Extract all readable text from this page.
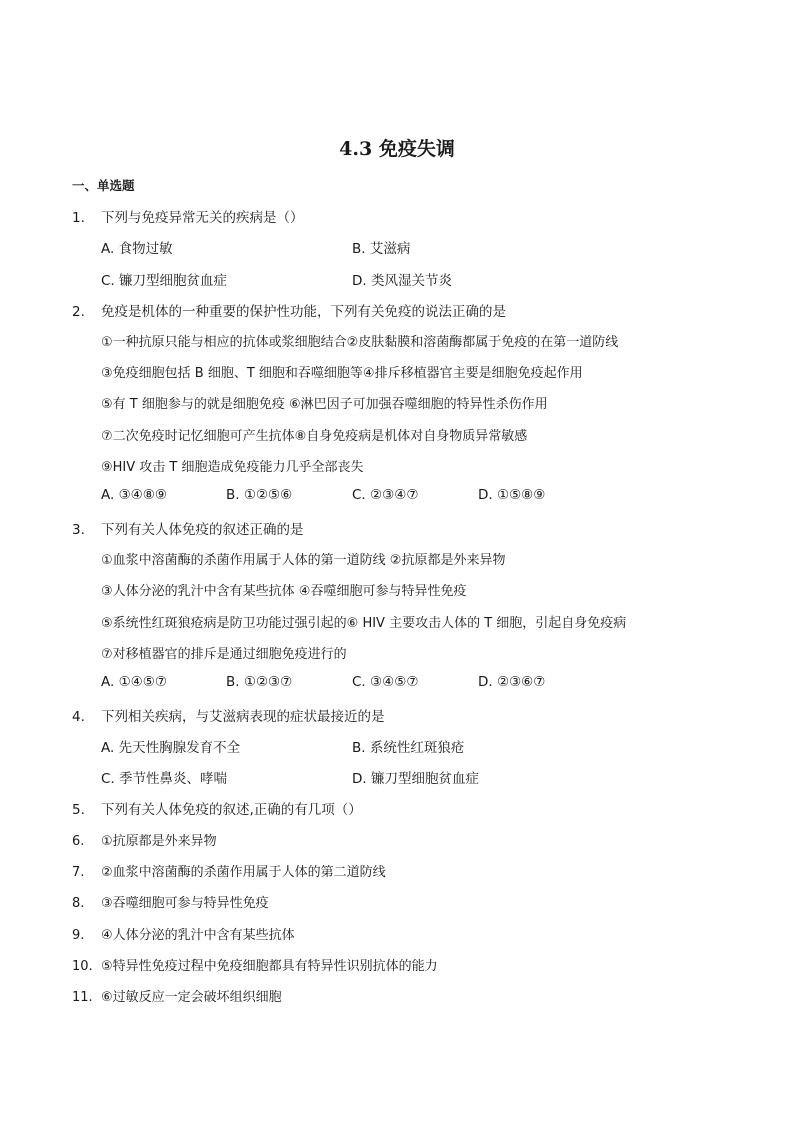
4.3 免疫失调
一、单选题
1. 下列与免疫异常无关的疾病是（）
A. 食物过敏	B. 艾滋病
C. 镰刀型细胞贫血症	D. 类风湿关节炎
2. 免疫是机体的一种重要的保护性功能，下列有关免疫的说法正确的是
①一种抗原只能与相应的抗体或浆细胞结合②皮肤黏膜和溶菌酶都属于免疫的在第一道防线
③免疫细胞包括 B 细胞、T 细胞和吞噬细胞等④排斥移植器官主要是细胞免疫起作用
⑤有 T 细胞参与的就是细胞免疫 ⑥淋巴因子可加强吞噬细胞的特异性杀伤作用
⑦二次免疫时记忆细胞可产生抗体⑧自身免疫病是机体对自身物质异常敏感
⑨HIV 攻击 T 细胞造成免疫能力几乎全部丧失
A. ③④⑧⑨	B. ①②⑤⑥	C. ②③④⑦	D. ①⑤⑧⑨
3. 下列有关人体免疫的叙述正确的是
①血浆中溶菌酶的杀菌作用属于人体的第一道防线 ②抗原都是外来异物
③人体分泌的乳汁中含有某些抗体 ④吞噬细胞可参与特异性免疫
⑤系统性红斑狼疮病是防卫功能过强引起的⑥ HIV 主要攻击人体的 T 细胞，引起自身免疫病
⑦对移植器官的排斥是通过细胞免疫进行的
A. ①④⑤⑦	B. ①②③⑦	C. ③④⑤⑦	D. ②③⑥⑦
4. 下列相关疾病，与艾滋病表现的症状最接近的是
A. 先天性胸腺发育不全	B. 系统性红斑狼疮
C. 季节性鼻炎、哮喘	D. 镰刀型细胞贫血症
5. 下列有关人体免疫的叙述,正确的有几项（）
6. ①抗原都是外来异物
7. ②血浆中溶菌酶的杀菌作用属于人体的第二道防线
8. ③吞噬细胞可参与特异性免疫
9. ④人体分泌的乳汁中含有某些抗体
10. ⑤特异性免疫过程中免疫细胞都具有特异性识别抗体的能力
11. ⑥过敏反应一定会破坏组织细胞
